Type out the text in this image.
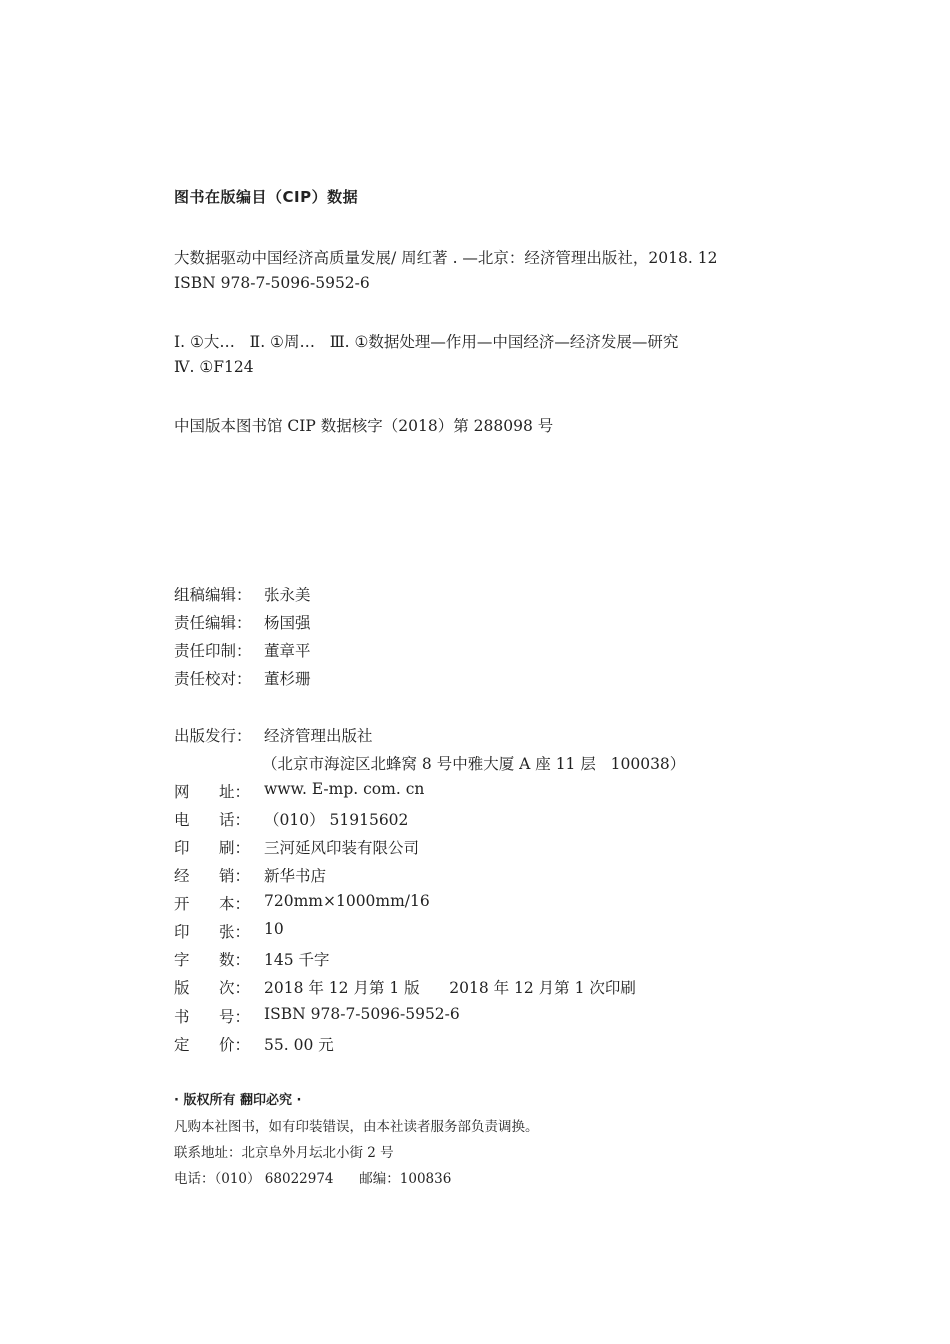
图书在版编目（CIP）数据
大数据驱动中国经济高质量发展/ 周红著 . —北京：经济管理出版社，2018. 12
ISBN 978-7-5096-5952-6
Ⅰ. ①大…   Ⅱ. ①周…   Ⅲ. ①数据处理—作用—中国经济—经济发展—研究
Ⅳ. ①F124
中国版本图书馆 CIP 数据核字（2018）第 288098 号
组稿编辑： 张永美
责任编辑： 杨国强
责任印制： 董章平
责任校对： 董杉珊
出版发行： 经济管理出版社
（北京市海淀区北蜂窝 8 号中雅大厦 A 座 11 层   100038）
网      址： www. E-mp. com. cn
电      话： （010） 51915602
印      刷： 三河延风印装有限公司
经      销： 新华书店
开      本： 720mm×1000mm/16
印      张： 10
字      数： 145 千字
版      次： 2018 年 12 月第 1 版      2018 年 12 月第 1 次印刷
书      号： ISBN 978-7-5096-5952-6
定      价： 55. 00 元
· 版权所有 翻印必究 ·
凡购本社图书，如有印装错误，由本社读者服务部负责调换。
联系地址：北京阜外月坛北小街 2 号
电话：（010） 68022974      邮编：100836
